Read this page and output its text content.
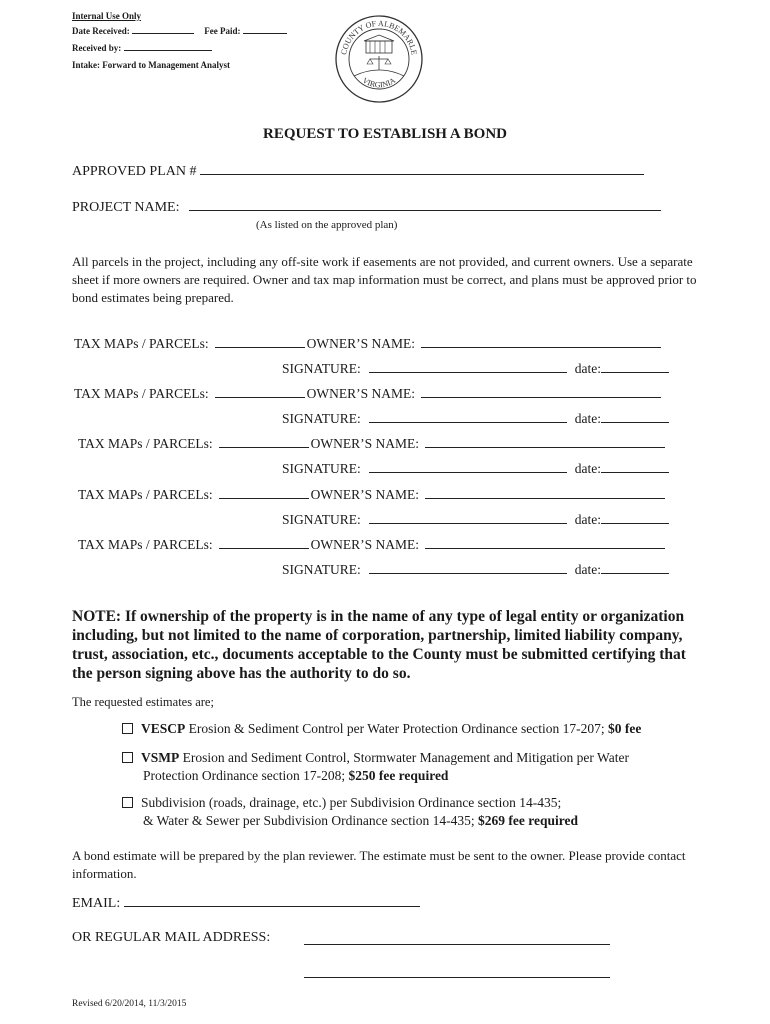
Internal Use Only
Date Received:	Fee Paid:
Received by:
Intake: Forward to Management Analyst
COUNTY OF ALBEMARLE
VIRGINIA
REQUEST TO ESTABLISH A BOND
APPROVED PLAN #
PROJECT NAME:
(As listed on the approved plan)
All parcels in the project, including any off-site work if easements are not provided, and current owners. Use a separate sheet if more owners are required. Owner and tax map information must be correct, and plans must be approved prior to bond estimates being prepared.
TAX MAPs / PARCELs:	OWNER’S NAME:
SIGNATURE:	date:
TAX MAPs / PARCELs:	OWNER’S NAME:
SIGNATURE:	date:
TAX MAPs / PARCELs:	OWNER’S NAME:
SIGNATURE:	date:
TAX MAPs / PARCELs:	OWNER’S NAME:
SIGNATURE:	date:
TAX MAPs / PARCELs:	OWNER’S NAME:
SIGNATURE:	date:
NOTE: If ownership of the property is in the name of any type of legal entity or organization including, but not limited to the name of corporation, partnership, limited liability company, trust, association, etc., documents acceptable to the County must be submitted certifying that the person signing above has the authority to do so.
The requested estimates are;
VESCP Erosion & Sediment Control per Water Protection Ordinance section 17-207; $0 fee
VSMP Erosion and Sediment Control, Stormwater Management and Mitigation per Water
Protection Ordinance section 17-208; $250 fee required
Subdivision (roads, drainage, etc.) per Subdivision Ordinance section 14-435;
& Water & Sewer per Subdivision Ordinance section 14-435; $269 fee required
A bond estimate will be prepared by the plan reviewer. The estimate must be sent to the owner. Please provide contact information.
EMAIL:
OR REGULAR MAIL ADDRESS:
Revised 6/20/2014, 11/3/2015
